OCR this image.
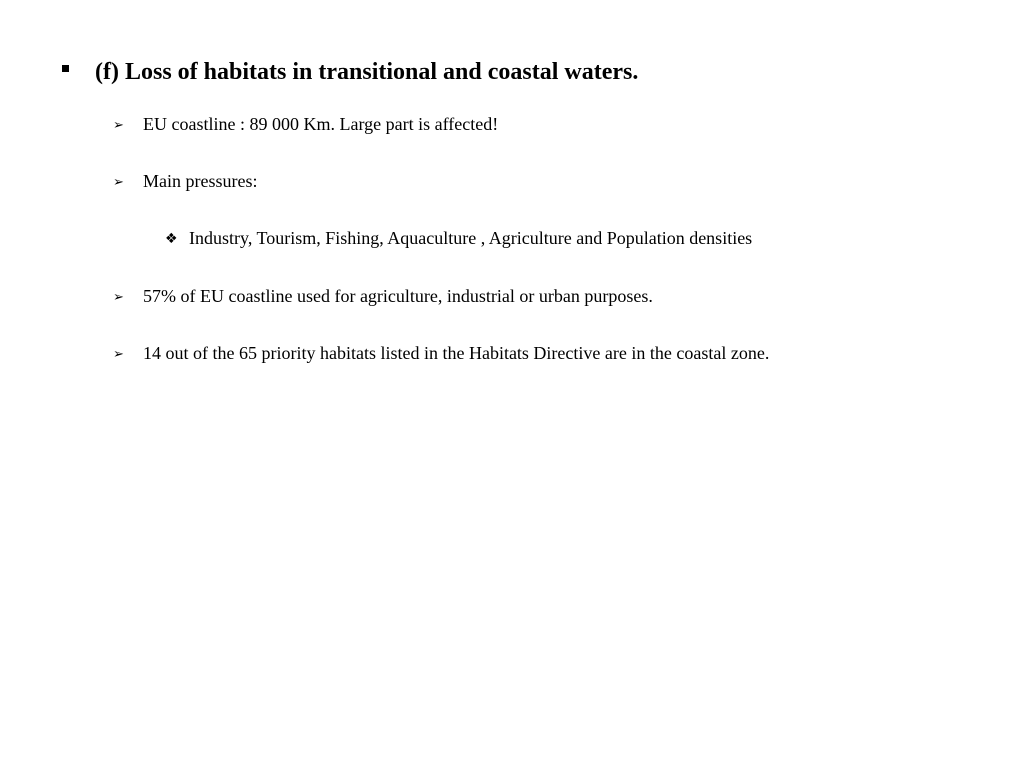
(f) Loss of habitats in transitional and coastal waters.
➢ EU coastline : 89 000 Km. Large part is affected!
➢ Main pressures:
❖ Industry, Tourism, Fishing, Aquaculture , Agriculture and Population densities
➢ 57% of EU coastline used for agriculture, industrial or urban purposes.
➢ 14 out of the 65 priority habitats listed in the Habitats Directive are in the coastal zone.
